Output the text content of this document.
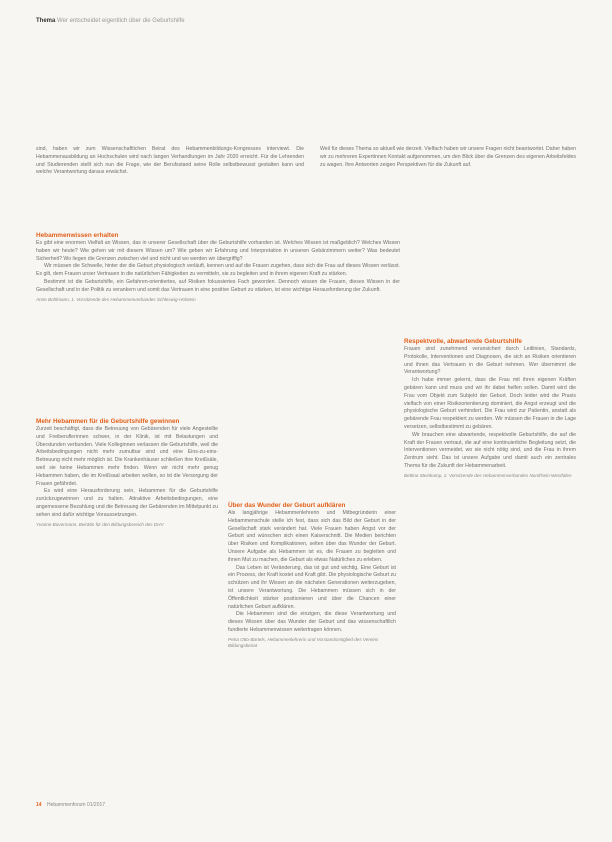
Thema Wer entscheidet eigentlich über die Geburtshilfe

sind, haben wir zum Wissenschaftlichen Beirat des Hebammenbildungs-Kongresses interviewt. Die Hebammenausbildung an Hochschulen wird nach langen Verhandlungen im Jahr 2020 erreicht. Für die Lehrenden und Studierenden stellt sich nun die Frage, wie der Berufsstand seine Rolle selbstbewusst gestalten kann und welche Verantwortung daraus erwächst.

Weil für dieses Thema so aktuell wie derzeit. Vielfach haben wir unsere Fragen nicht beantwortet. Daher haben wir zu mehreren Expertinnen Kontakt aufgenommen, um den Blick über die Grenzen des eigenen Arbeitsfeldes zu wagen. Ihre Antworten zeigen Perspektiven für die Zukunft auf.

Hebammenwissen erhalten

Es gibt eine enormen Vielfalt an Wissen, das in unserer Gesellschaft über die Geburtshilfe vorhanden ist. Welches Wissen ist maßgeblich? Welches Wissen haben wir heute? Wie gehen wir mit diesem Wissen um? Wie geben wir Erfahrung und Interpretation in unseren Gebärzimmern weiter? Was bedeutet Sicherheit? Wo liegen die Grenzen zwischen viel und nicht und wo werden wir übergriffig?

Wir müssen die Schwelle, hinter der die Geburt physiologisch verläuft, kennen und auf die Frauen zugehen, dass sich die Frau auf dieses Wissen verlässt. Es gilt, dem Frauen unser Vertrauen in die natürlichen Fähigkeiten zu vermitteln, sie zu begleiten und in ihrem eigenen Kraft zu stärken.

Bestimmt ist die Geburtshilfe, ein Gefahren-orientiertes, auf Risiken fokussiertes Fach geworden. Dennoch wissen die Frauen, dieses Wissen in der Gesellschaft und in der Politik zu verankern und somit das Vertrauen in eine positive Geburt zu stärken, ist eine wichtige Herausforderung der Zukunft.

Anne Bohlmann, 1. Vorsitzende des Hebammenverbandes Schleswig-Holstein

Respektvolle, abwartende Geburtshilfe

Frauen sind zunehmend verunsichert durch Leitlinien, Standards, Protokolle, Interventionen und Diagnosen, die sich an Risiken orientieren und ihnen das Vertrauen in die Geburt nehmen. Wer übernimmt die Verantwortung?

Ich habe immer gelernt, dass die Frau mit ihren eigenen Kräften gebären kann und muss und wir ihr dabei helfen sollen. Damit wird die Frau vom Objekt zum Subjekt der Geburt. Doch leider wird die Praxis vielfach von einer Risikoorientierung dominiert, die Angst erzeugt und die physiologische Geburt verhindert. Die Frau wird zur Patientin, anstatt als gebärende Frau respektiert zu werden. Wir müssen die Frauen in die Lage versetzen, selbstbestimmt zu gebären.

Wir brauchen eine abwartende, respektvolle Geburtshilfe, die auf die Kraft der Frauen vertraut, die auf eine kontinuierliche Begleitung setzt, die Interventionen vermeidet, wo sie nicht nötig sind, und die Frau in ihrem Zentrum sieht. Das ist unsere Aufgabe und damit auch ein zentrales Thema für die Zukunft der Hebammenarbeit.

Bettina Steinkamp, 2. Vorsitzende des Hebammenverbandes Nordrhein-Westfalen

Mehr Hebammen für die Geburtshilfe gewinnen

Zurzeit beschäftigt, dass die Betreuung von Gebärenden für viele Angestellte und Freiberuflerinnen schwer, in der Klinik, ist mit Belastungen und Überstunden verbunden. Viele Kolleginnen verlassen die Geburtshilfe, weil die Arbeitsbedingungen nicht mehr zumutbar sind und eine Eins-zu-eins-Betreuung nicht mehr möglich ist. Die Krankenhäuser schließen ihre Kreißsäle, weil sie keine Hebammen mehr finden. Wenn wir nicht mehr genug Hebammen haben, die im Kreißsaal arbeiten wollen, so ist die Versorgung der Frauen gefährdet.

Es wird eine Herausforderung sein, Hebammen für die Geburtshilfe zurückzugewinnen und zu halten. Attraktive Arbeitsbedingungen, eine angemessene Bezahlung und die Betreuung der Gebärenden im Mittelpunkt zu sehen sind dafür wichtige Voraussetzungen.

Yvonne Bovermann, Beirätin für den Bildungsbereich des DHV

Über das Wunder der Geburt aufklären

Als langjährige Hebammenlehrerin und Mitbegründerin einer Hebammenschule stelle ich fest, dass sich das Bild der Geburt in der Gesellschaft stark verändert hat. Viele Frauen haben Angst vor der Geburt und wünschen sich einen Kaiserschnitt. Die Medien berichten über Risiken und Komplikationen, selten über das Wunder der Geburt. Unsere Aufgabe als Hebammen ist es, die Frauen zu begleiten und ihnen Mut zu machen, die Geburt als etwas Natürliches zu erleben.

Das Leben ist Veränderung, das ist gut und wichtig. Eine Geburt ist ein Prozess, der Kraft kostet und Kraft gibt. Die physiologische Geburt zu schützen und ihr Wissen an die nächsten Generationen weiterzugeben, ist unsere Verantwortung. Die Hebammen müssen sich in der Öffentlichkeit stärker positionieren und über die Chancen einer natürlichen Geburt aufklären.

Die Hebammen sind die einzigen, die diese Verantwortung und dieses Wissen über das Wunder der Geburt und das wissenschaftlich fundierte Hebammenwissen weitertragen können.

Petra Otto-Bartels, Hebammenlehrerin und Vorstandsmitglied des Vereins Bildungsbeirat

14 Hebammenforum 01/2017
